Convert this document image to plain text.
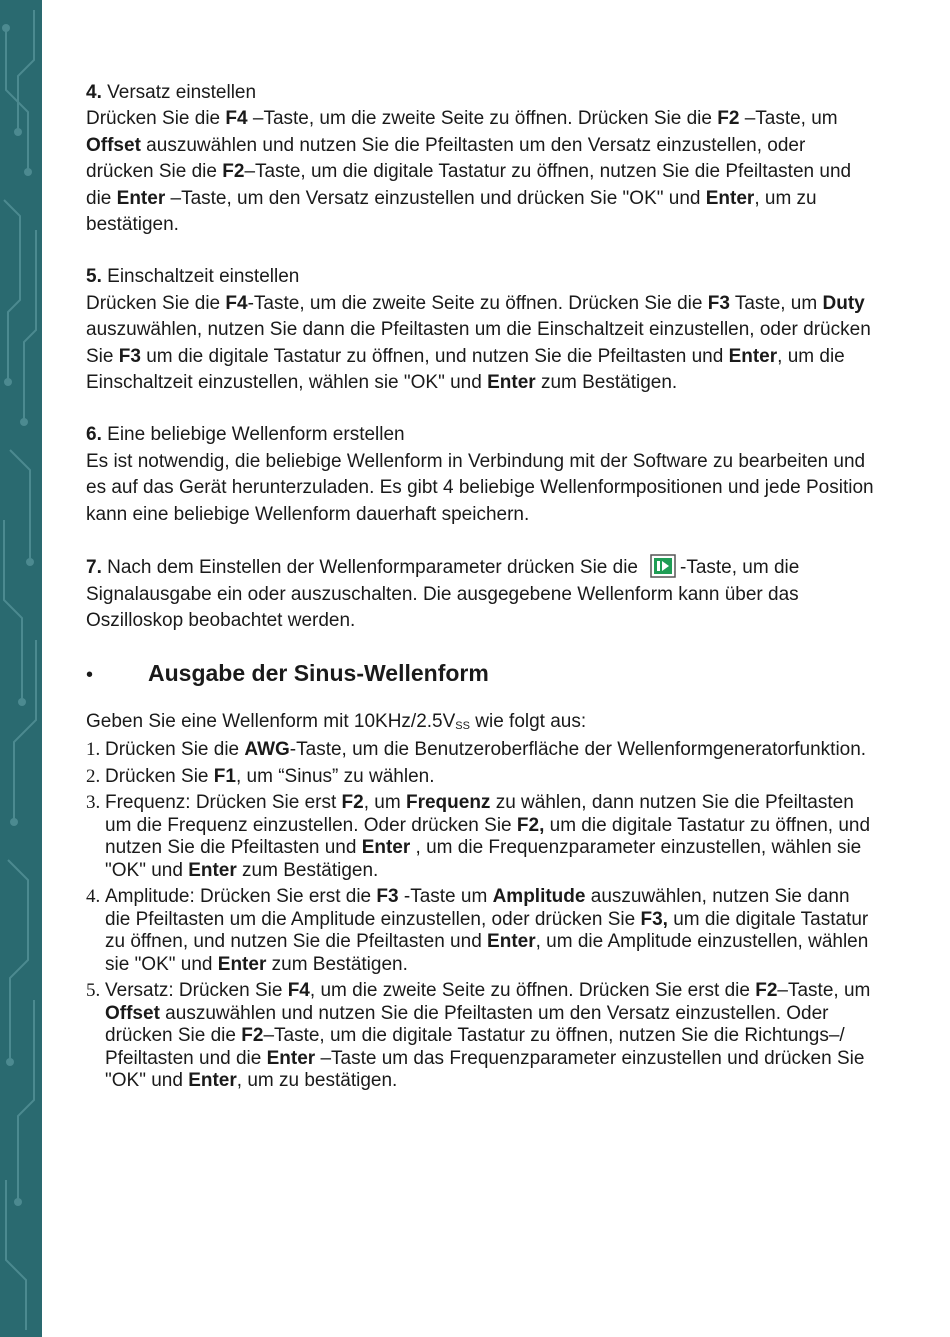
4. Versatz einstellen

Drücken Sie die F4 –Taste, um die zweite Seite zu öffnen. Drücken Sie die F2 –Taste, um Offset auszuwählen und nutzen Sie die Pfeiltasten um den Versatz einzustellen, oder drücken Sie die F2–Taste, um die digitale Tastatur zu öffnen, nutzen Sie die Pfeiltasten und die Enter –Taste, um den Versatz einzustellen und drücken Sie "OK" und Enter, um zu bestätigen.

5. Einschaltzeit einstellen

Drücken Sie die F4-Taste, um die zweite Seite zu öffnen. Drücken Sie die F3 Taste, um Duty auszuwählen, nutzen Sie dann die Pfeiltasten um die Einschaltzeit einzustellen, oder drücken Sie F3 um die digitale Tastatur zu öffnen, und nutzen Sie die Pfeiltasten und Enter, um die Einschaltzeit einzustellen, wählen sie "OK" und Enter zum Bestätigen.

6. Eine beliebige Wellenform erstellen

Es ist notwendig, die beliebige Wellenform in Verbindung mit der Software zu bearbeiten und es auf das Gerät herunterzuladen. Es gibt 4 beliebige Wellenformpositionen und jede Position kann eine beliebige Wellenform dauerhaft speichern.

7. Nach dem Einstellen der Wellenformparameter drücken Sie die -Taste, um die Signalausgabe ein oder auszuschalten. Die ausgegebene Wellenform kann über das Oszilloskop beobachtet werden.

•	Ausgabe der Sinus-Wellenform

Geben Sie eine Wellenform mit $10KHz/2.5V_{SS}$ wie folgt aus:

1. Drücken Sie die AWG-Taste, um die Benutzeroberfläche der Wellenformgeneratorfunktion.
2. Drücken Sie F1, um “Sinus” zu wählen.
3. Frequenz: Drücken Sie erst F2, um Frequenz zu wählen, dann nutzen Sie die Pfeiltasten um die Frequenz einzustellen. Oder drücken Sie F2, um die digitale Tastatur zu öffnen, und nutzen Sie die Pfeiltasten und Enter , um die Frequenzparameter einzustellen, wählen sie "OK" und Enter zum Bestätigen.
4. Amplitude: Drücken Sie erst die F3 -Taste um Amplitude auszuwählen, nutzen Sie dann die Pfeiltasten um die Amplitude einzustellen, oder drücken Sie F3, um die digitale Tastatur zu öffnen, und nutzen Sie die Pfeiltasten und Enter, um die Amplitude einzustellen, wählen sie "OK" und Enter zum Bestätigen.
5. Versatz: Drücken Sie F4, um die zweite Seite zu öffnen. Drücken Sie erst die F2–Taste, um Offset auszuwählen und nutzen Sie die Pfeiltasten um den Versatz einzustellen. Oder drücken Sie die F2–Taste, um die digitale Tastatur zu öffnen, nutzen Sie die Richtungs–/ Pfeiltasten und die Enter –Taste um das Frequenzparameter einzustellen und drücken Sie "OK" und Enter, um zu bestätigen.
